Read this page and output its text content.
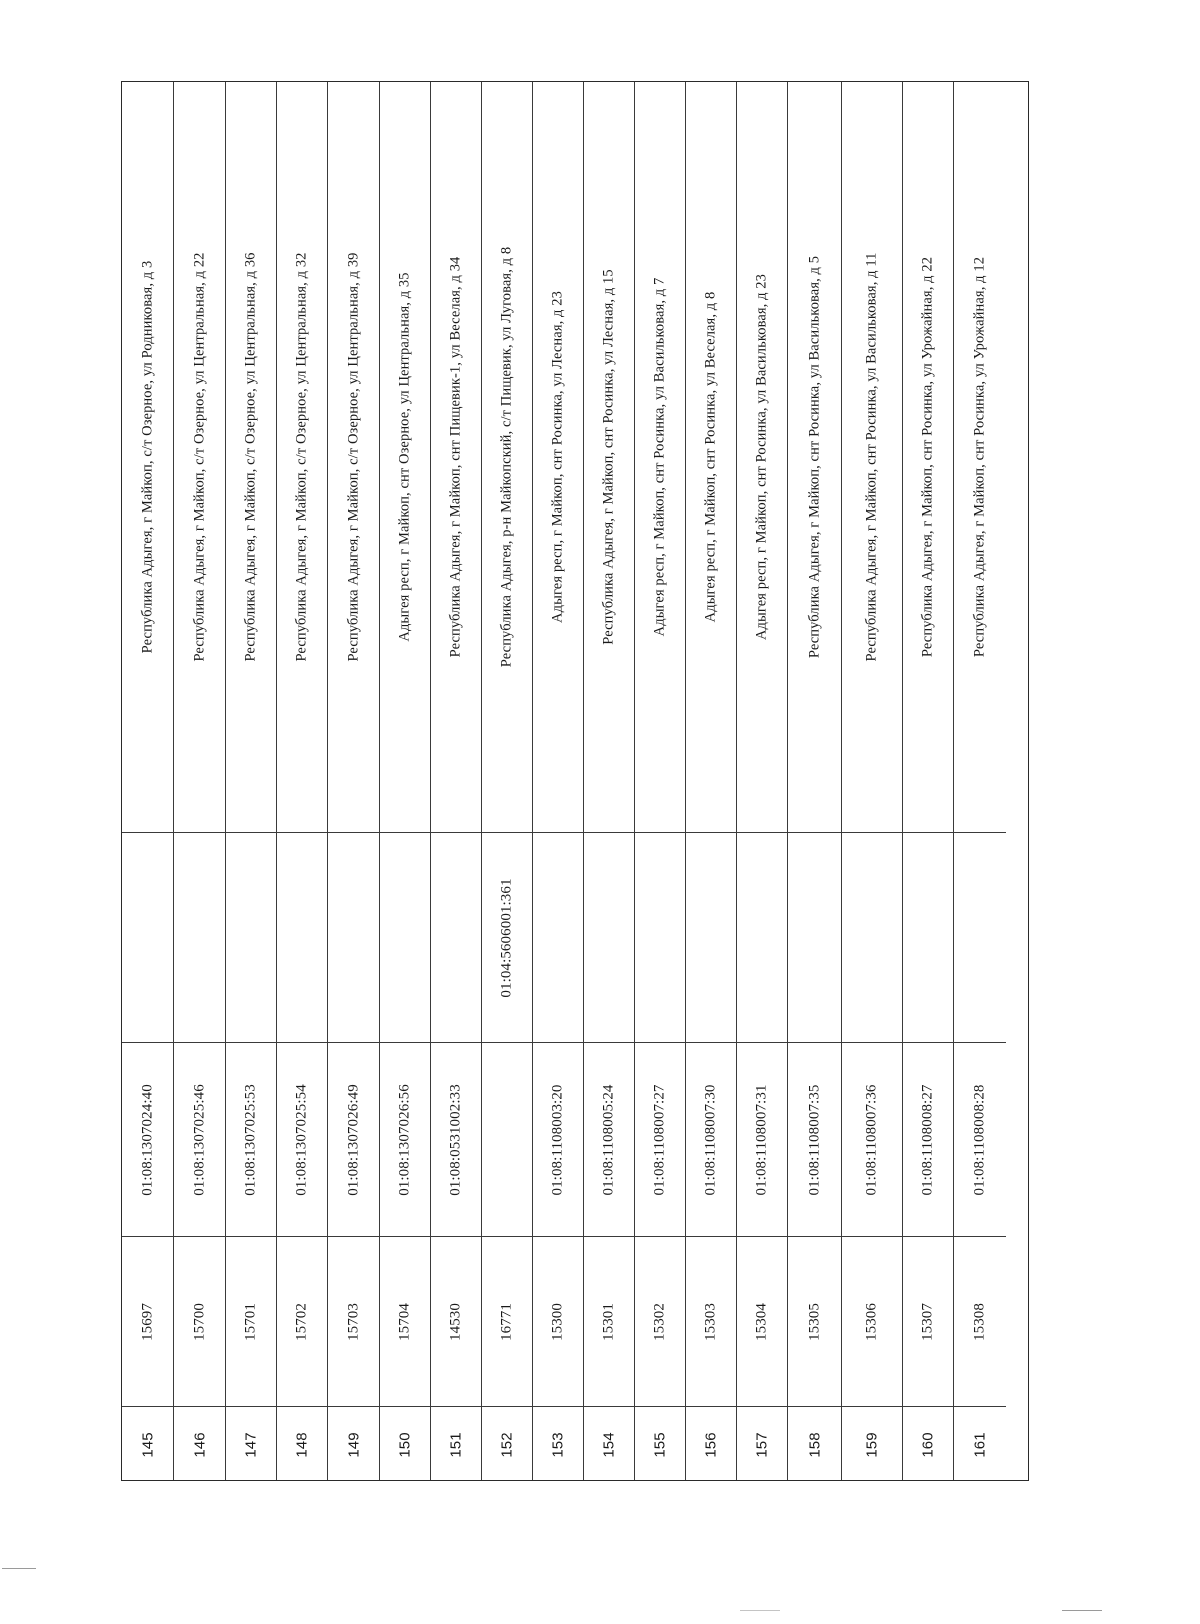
Республика Адыгея, г Майкоп, с/т Озерное, ул Родниковая, д 3
01:08:1307024:40
15697
145
Республика Адыгея, г Майкоп, с/т Озерное, ул Центральная, д 22
01:08:1307025:46
15700
146
Республика Адыгея, г Майкоп, с/т Озерное, ул Центральная, д 36
01:08:1307025:53
15701
147
Республика Адыгея, г Майкоп, с/т Озерное, ул Центральная, д 32
01:08:1307025:54
15702
148
Республика Адыгея, г Майкоп, с/т Озерное, ул Центральная, д 39
01:08:1307026:49
15703
149
Адыгея респ, г Майкоп, снт Озерное, ул Центральная, д 35
01:08:1307026:56
15704
150
Республика Адыгея, г Майкоп, снт Пищевик-1, ул Веселая, д 34
01:08:0531002:33
14530
151
Республика Адыгея, р-н Майкопский, с/т Пищевик, ул Луговая, д 8
01:04:5606001:361
16771
152
Адыгея респ, г Майкоп, снт Росинка, ул Лесная, д 23
01:08:1108003:20
15300
153
Республика Адыгея, г Майкоп, снт Росинка, ул Лесная, д 15
01:08:1108005:24
15301
154
Адыгея респ, г Майкоп, снт Росинка, ул Васильковая, д 7
01:08:1108007:27
15302
155
Адыгея респ, г Майкоп, снт Росинка, ул Веселая, д 8
01:08:1108007:30
15303
156
Адыгея респ, г Майкоп, снт Росинка, ул Васильковая, д 23
01:08:1108007:31
15304
157
Республика Адыгея, г Майкоп, снт Росинка, ул Васильковая, д 5
01:08:1108007:35
15305
158
Республика Адыгея, г Майкоп, снт Росинка, ул Васильковая, д 11
01:08:1108007:36
15306
159
Республика Адыгея, г Майкоп, снт Росинка, ул Урожайная, д 22
01:08:1108008:27
15307
160
Республика Адыгея, г Майкоп, снт Росинка, ул Урожайная, д 12
01:08:1108008:28
15308
161
